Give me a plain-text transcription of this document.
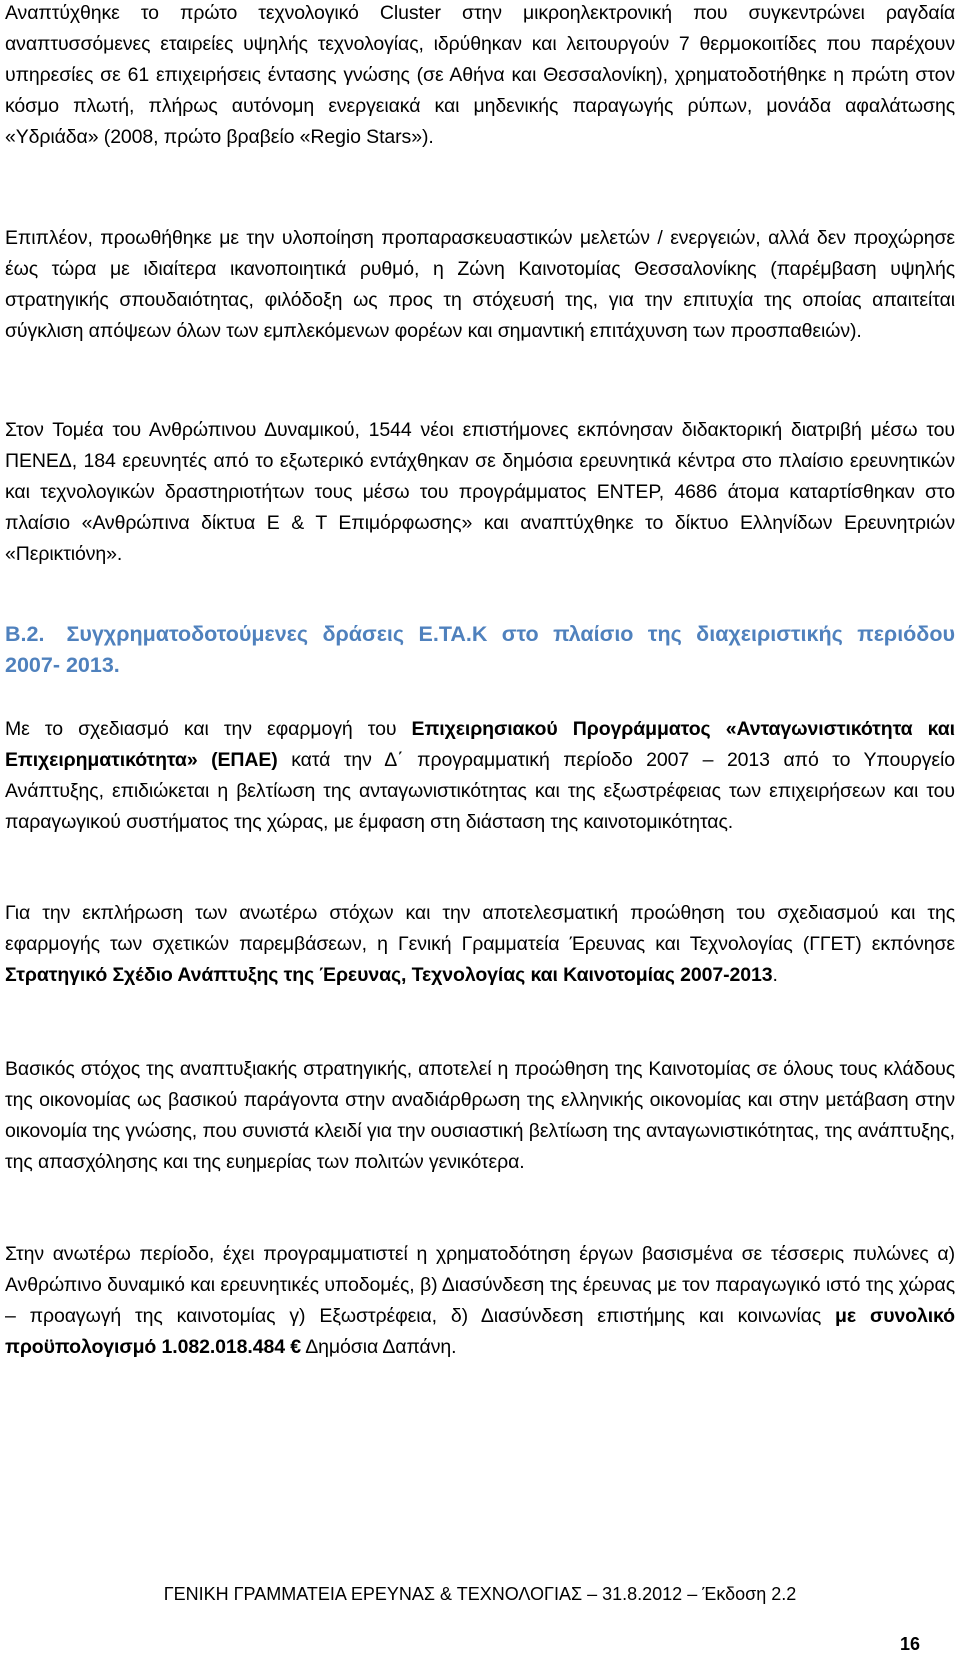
Αναπτύχθηκε το πρώτο τεχνολογικό Cluster στην μικροηλεκτρονική που συγκεντρώνει ραγδαία αναπτυσσόμενες εταιρείες υψηλής τεχνολογίας, ιδρύθηκαν και λειτουργούν 7 θερμοκοιτίδες που παρέχουν υπηρεσίες σε 61 επιχειρήσεις έντασης γνώσης (σε Αθήνα και Θεσσαλονίκη), χρηματοδοτήθηκε η πρώτη στον κόσμο πλωτή, πλήρως αυτόνομη ενεργειακά και μηδενικής παραγωγής ρύπων, μονάδα αφαλάτωσης «Υδριάδα» (2008, πρώτο βραβείο «Regio Stars»).

Επιπλέον, προωθήθηκε με την υλοποίηση προπαρασκευαστικών μελετών / ενεργειών, αλλά δεν προχώρησε έως τώρα με ιδιαίτερα ικανοποιητικά ρυθμό, η Ζώνη Καινοτομίας Θεσσαλονίκης (παρέμβαση υψηλής στρατηγικής σπουδαιότητας, φιλόδοξη ως προς τη στόχευσή της, για την επιτυχία της οποίας απαιτείται σύγκλιση απόψεων όλων των εμπλεκόμενων φορέων και σημαντική επιτάχυνση των προσπαθειών).

Στον Τομέα του Ανθρώπινου Δυναμικού, 1544 νέοι επιστήμονες εκπόνησαν διδακτορική διατριβή μέσω του ΠΕΝΕΔ, 184 ερευνητές από το εξωτερικό εντάχθηκαν σε δημόσια ερευνητικά κέντρα στο πλαίσιο ερευνητικών και τεχνολογικών δραστηριοτήτων τους μέσω του προγράμματος ΕΝΤΕΡ, 4686 άτομα καταρτίσθηκαν στο πλαίσιο «Ανθρώπινα δίκτυα Ε & Τ Επιμόρφωσης» και αναπτύχθηκε το δίκτυο Ελληνίδων Ερευνητριών «Περικτιόνη».

B.2. Συγχρηματοδοτούμενες δράσεις Ε.ΤΑ.Κ στο πλαίσιο της διαχειριστικής περιόδου 2007- 2013.

Με το σχεδιασμό και την εφαρμογή του Επιχειρησιακού Προγράμματος «Ανταγωνιστικότητα και Επιχειρηματικότητα» (ΕΠΑΕ) κατά την Δ΄ προγραμματική περίοδο 2007 – 2013 από το Υπουργείο Ανάπτυξης, επιδιώκεται η βελτίωση της ανταγωνιστικότητας και της εξωστρέφειας των επιχειρήσεων και του παραγωγικού συστήματος της χώρας, με έμφαση στη διάσταση της καινοτομικότητας.

Για την εκπλήρωση των ανωτέρω στόχων και την αποτελεσματική προώθηση του σχεδιασμού και της εφαρμογής των σχετικών παρεμβάσεων, η Γενική Γραμματεία Έρευνας και Τεχνολογίας (ΓΓΕΤ) εκπόνησε Στρατηγικό Σχέδιο Ανάπτυξης της Έρευνας, Τεχνολογίας και Καινοτομίας 2007-2013.

Βασικός στόχος της αναπτυξιακής στρατηγικής, αποτελεί η προώθηση της Καινοτομίας σε όλους τους κλάδους της οικονομίας ως βασικού παράγοντα στην αναδιάρθρωση της ελληνικής οικονομίας και στην μετάβαση στην οικονομία της γνώσης, που συνιστά κλειδί για την ουσιαστική βελτίωση της ανταγωνιστικότητας, της ανάπτυξης, της απασχόλησης και της ευημερίας των πολιτών γενικότερα.

Στην ανωτέρω περίοδο, έχει προγραμματιστεί η χρηματοδότηση έργων βασισμένα σε τέσσερις πυλώνες α) Ανθρώπινο δυναμικό και ερευνητικές υποδομές, β) Διασύνδεση της έρευνας με τον παραγωγικό ιστό της χώρας – προαγωγή της καινοτομίας γ) Εξωστρέφεια, δ) Διασύνδεση επιστήμης και κοινωνίας με συνολικό προϋπολογισμό 1.082.018.484 € Δημόσια Δαπάνη.

ΓΕΝΙΚΗ ΓΡΑΜΜΑΤΕΙΑ ΕΡΕΥΝΑΣ & ΤΕΧΝΟΛΟΓΙΑΣ – 31.8.2012 – Έκδοση 2.2
16
